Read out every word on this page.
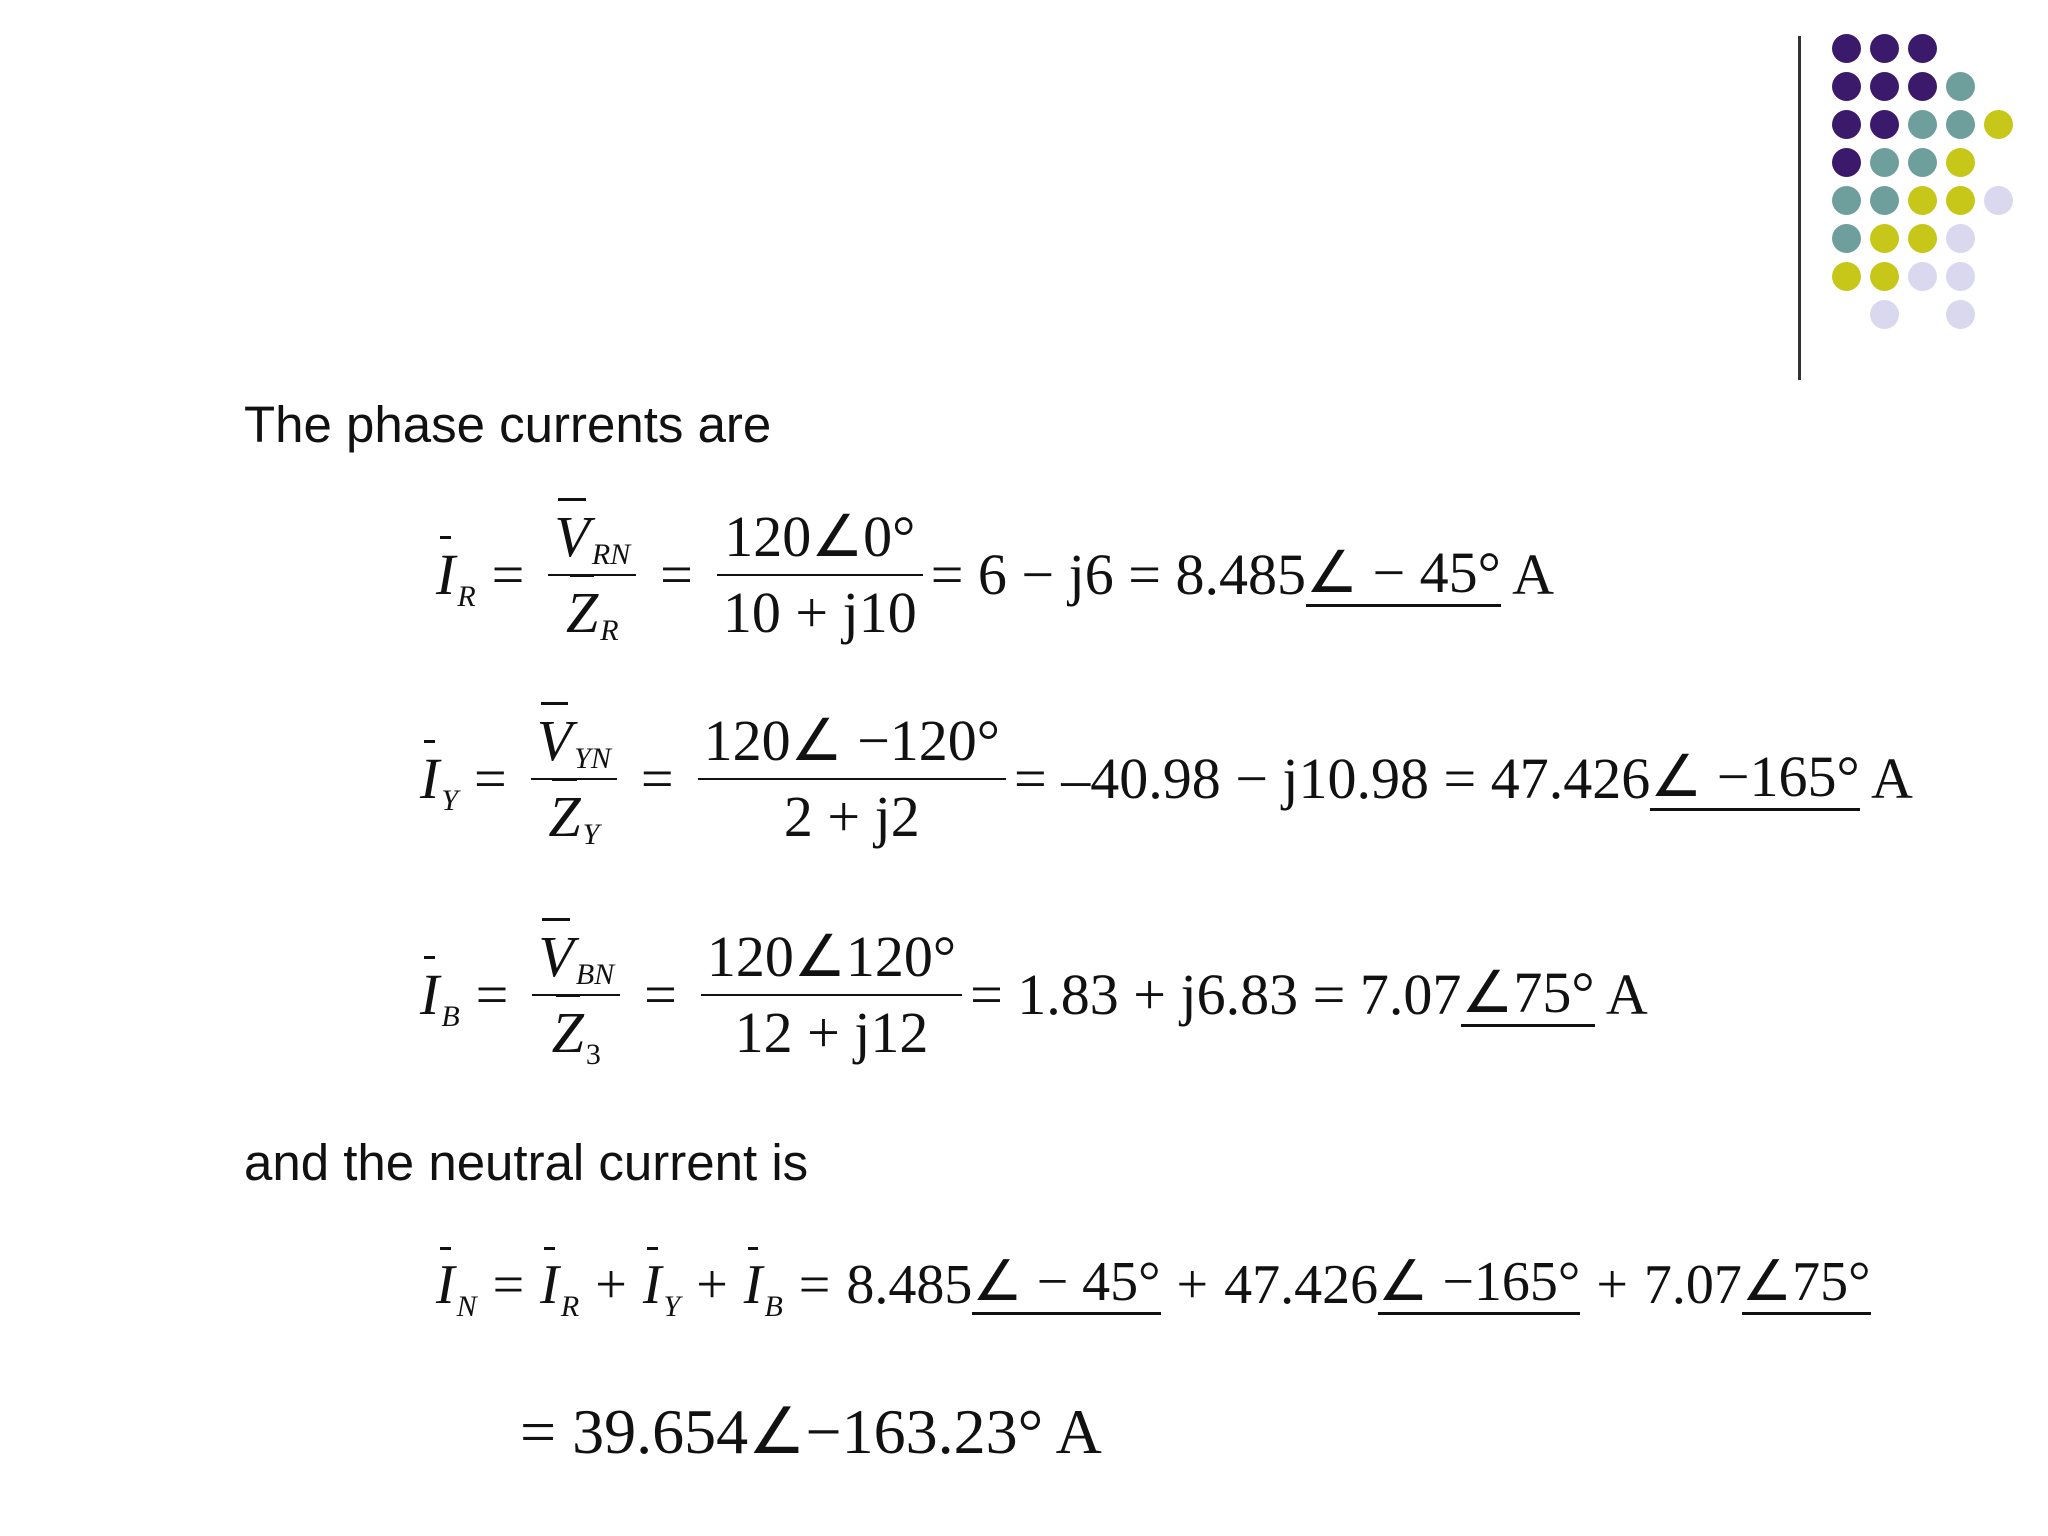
The phase currents are
I $R = \frac{\text{V RN}}{\text{Z R}} = \frac{120\angle 0^\circ}{10 + j10} = 6 - j6 = 8.485$ ∠ − 45° A
I $Y = \frac{\text{V YN}}{\text{Z Y}} = \frac{120\angle -120^\circ}{2 + j2} = -40.98 - j10.98 = 47.426$ ∠ −165° A
I $B = \frac{\text{V BN}}{Z 3} = \frac{120\angle 120^\circ}{12 + j12} = 1.83 + j6.83 = 7.07$ ∠75° A
and the neutral current is
I N = I R + I Y + I B = 8.485 ∠ − 45° + 47.426 ∠ −165° + 7.07 ∠75°
= 39.654∠−163.23° A
